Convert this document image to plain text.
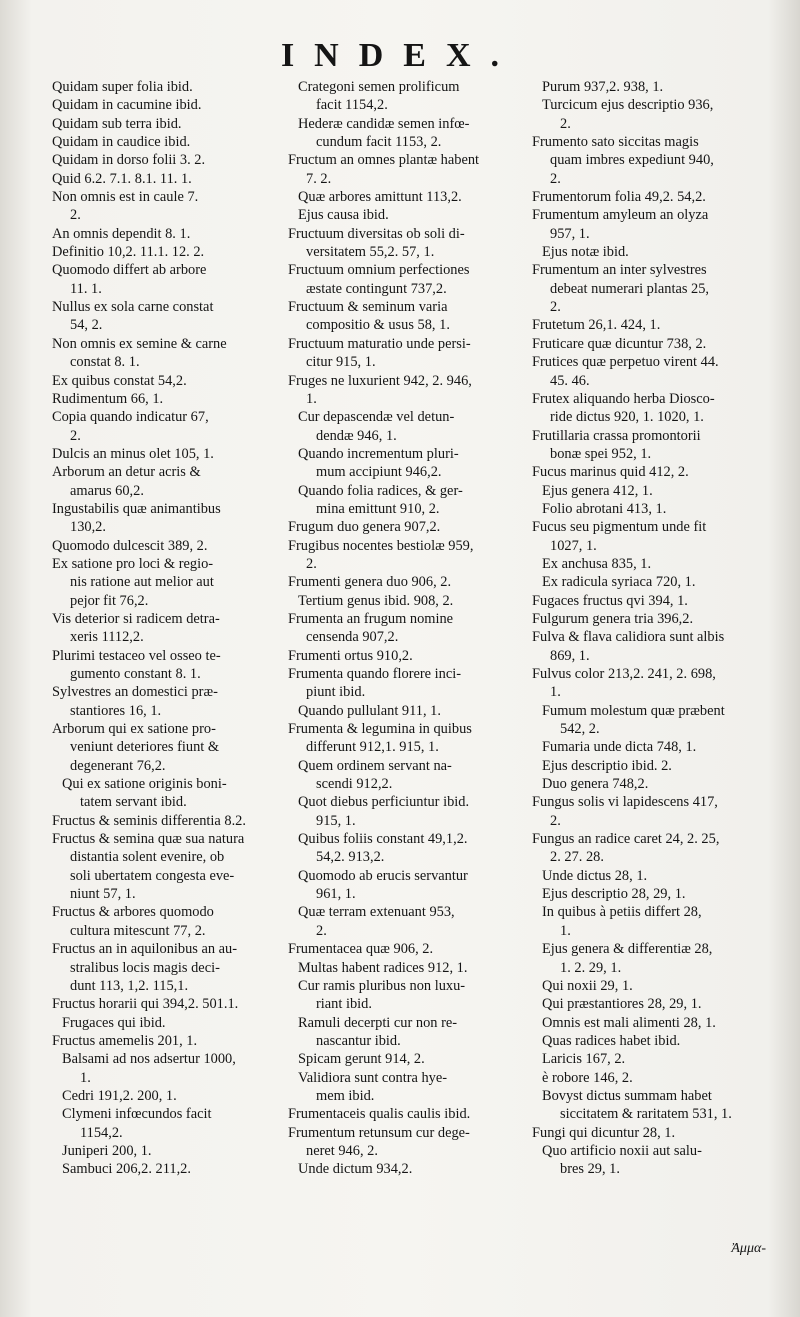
INDEX.
Quidam super folia ibid.
Quidam in cacumine ibid.
Quidam sub terra ibid.
Quidam in caudice ibid.
Quidam in dorso folii 3. 2.
Quid 6.2. 7.1. 8.1. 11. 1.
Non omnis est in caule 7.
2.
An omnis dependit 8. 1.
Definitio 10,2. 11.1. 12. 2.
Quomodo differt ab arbore
11. 1.
Nullus ex sola carne constat
54, 2.
Non omnis ex semine & carne
constat 8. 1.
Ex quibus constat 54,2.
Rudimentum 66, 1.
Copia quando indicatur 67,
2.
Dulcis an minus olet 105, 1.
Arborum an detur acris &
amarus 60,2.
Ingustabilis quæ animantibus
130,2.
Quomodo dulcescit 389, 2.
Ex satione pro loci & regio-
nis ratione aut melior aut
pejor fit 76,2.
Vis deterior si radicem detra-
xeris 1112,2.
Plurimi testaceo vel osseo te-
gumento constant 8. 1.
Sylvestres an domestici præ-
stantiores 16, 1.
Arborum qui ex satione pro-
veniunt deteriores fiunt &
degenerant 76,2.
Qui ex satione originis boni-
tatem servant ibid.
Fructus & seminis differentia 8.2.
Fructus & semina quæ sua natura
distantia solent evenire, ob
soli ubertatem congesta eve-
niunt 57, 1.
Fructus & arbores quomodo
cultura mitescunt 77, 2.
Fructus an in aquilonibus an au-
stralibus locis magis deci-
dunt 113, 1,2. 115,1.
Fructus horarii qui 394,2. 501.1.
Frugaces qui ibid.
Fructus amemelis 201, 1.
Balsami ad nos adsertur 1000,
1.
Cedri 191,2. 200, 1.
Clymeni infœcundos facit
1154,2.
Juniperi 200, 1.
Sambuci 206,2. 211,2.
Crategoni semen prolificum
facit 1154,2.
Hederæ candidæ semen infœ-
cundum facit 1153, 2.
Fructum an omnes plantæ habent
7. 2.
Quæ arbores amittunt 113,2.
Ejus causa ibid.
Fructuum diversitas ob soli di-
versitatem 55,2. 57, 1.
Fructuum omnium perfectiones
æstate contingunt 737,2.
Fructuum & seminum varia
compositio & usus 58, 1.
Fructuum maturatio unde persi-
citur 915, 1.
Fruges ne luxurient 942, 2. 946,
1.
Cur depascendæ vel detun-
dendæ 946, 1.
Quando incrementum pluri-
mum accipiunt 946,2.
Quando folia radices, & ger-
mina emittunt 910, 2.
Frugum duo genera 907,2.
Frugibus nocentes bestiolæ 959,
2.
Frumenti genera duo 906, 2.
Tertium genus ibid. 908, 2.
Frumenta an frugum nomine
censenda 907,2.
Frumenti ortus 910,2.
Frumenta quando florere inci-
piunt ibid.
Quando pullulant 911, 1.
Frumenta & legumina in quibus
differunt 912,1. 915, 1.
Quem ordinem servant na-
scendi 912,2.
Quot diebus perficiuntur ibid.
915, 1.
Quibus foliis constant 49,1,2.
54,2. 913,2.
Quomodo ab erucis servantur
961, 1.
Quæ terram extenuant 953,
2.
Frumentacea quæ 906, 2.
Multas habent radices 912, 1.
Cur ramis pluribus non luxu-
riant ibid.
Ramuli decerpti cur non re-
nascantur ibid.
Spicam gerunt 914, 2.
Validiora sunt contra hye-
mem ibid.
Frumentaceis qualis caulis ibid.
Frumentum retunsum cur dege-
neret 946, 2.
Unde dictum 934,2.
Purum 937,2. 938, 1.
Turcicum ejus descriptio 936,
2.
Frumento sato siccitas magis
quam imbres expediunt 940,
2.
Frumentorum folia 49,2. 54,2.
Frumentum amyleum an olyza
957, 1.
Ejus notæ ibid.
Frumentum an inter sylvestres
debeat numerari plantas 25,
2.
Frutetum 26,1. 424, 1.
Fruticare quæ dicuntur 738, 2.
Frutices quæ perpetuo virent 44.
45. 46.
Frutex aliquando herba Diosco-
ride dictus 920, 1. 1020, 1.
Frutillaria crassa promontorii
bonæ spei 952, 1.
Fucus marinus quid 412, 2.
Ejus genera 412, 1.
Folio abrotani 413, 1.
Fucus seu pigmentum unde fit
1027, 1.
Ex anchusa 835, 1.
Ex radicula syriaca 720, 1.
Fugaces fructus qvi 394, 1.
Fulgurum genera tria 396,2.
Fulva & flava calidiora sunt albis
869, 1.
Fulvus color 213,2. 241, 2. 698,
1.
Fumum molestum quæ præbent
542, 2.
Fumaria unde dicta 748, 1.
Ejus descriptio ibid. 2.
Duo genera 748,2.
Fungus solis vi lapidescens 417,
2.
Fungus an radice caret 24, 2. 25,
2. 27. 28.
Unde dictus 28, 1.
Ejus descriptio 28, 29, 1.
In quibus à petiis differt 28,
1.
Ejus genera & differentiæ 28,
1. 2. 29, 1.
Qui noxii 29, 1.
Qui præstantiores 28, 29, 1.
Omnis est mali alimenti 28, 1.
Quas radices habet ibid.
Laricis 167, 2.
è robore 146, 2.
Bovyst dictus summam habet
siccitatem & raritatem 531, 1.
Fungi qui dicuntur 28, 1.
Quo artificio noxii aut salu-
bres 29, 1.
Ἀμμα-
